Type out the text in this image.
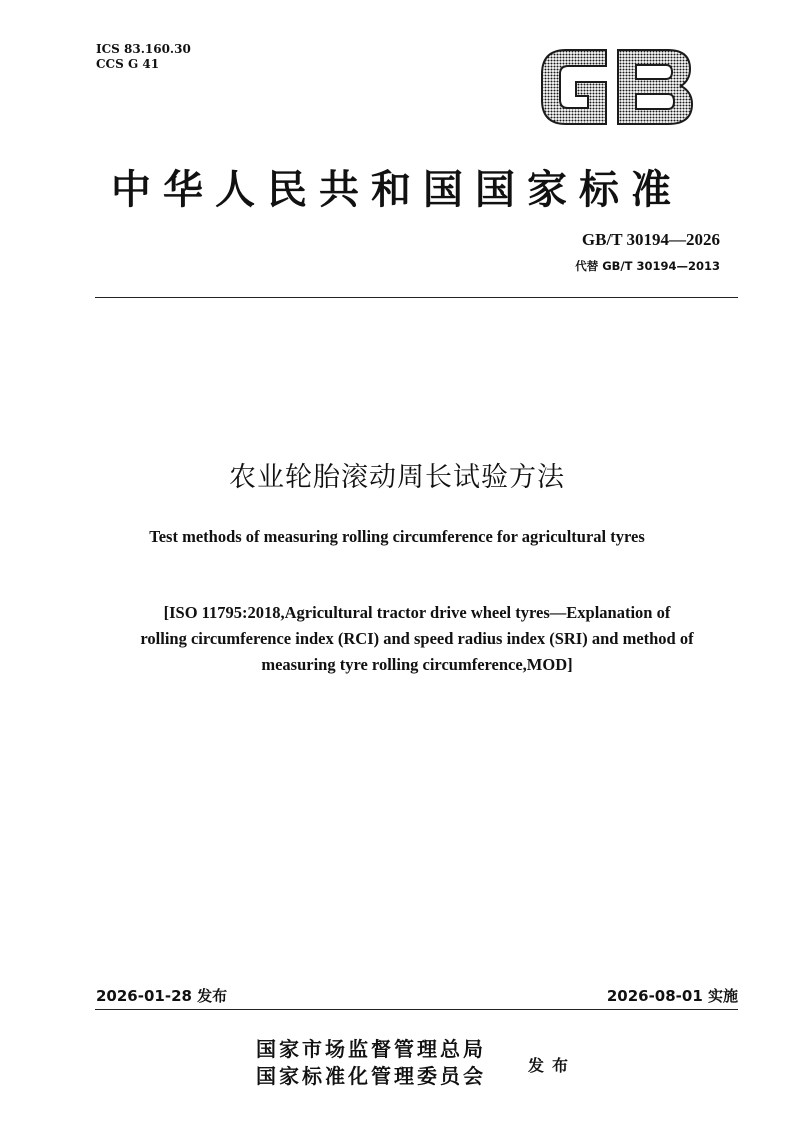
ICS 83.160.30
CCS G 41
中华人民共和国国家标准
GB/T 30194—2026
代替 GB/T 30194—2013
农业轮胎滚动周长试验方法
Test methods of measuring rolling circumference for agricultural tyres
[ISO 11795:2018,Agricultural tractor drive wheel tyres—Explanation of
rolling circumference index (RCI) and speed radius index (SRI) and method of
measuring tyre rolling circumference,MOD]
2026-01-28 发布	2026-08-01 实施
国家市场监督管理总局
国家标准化管理委员会	发布
